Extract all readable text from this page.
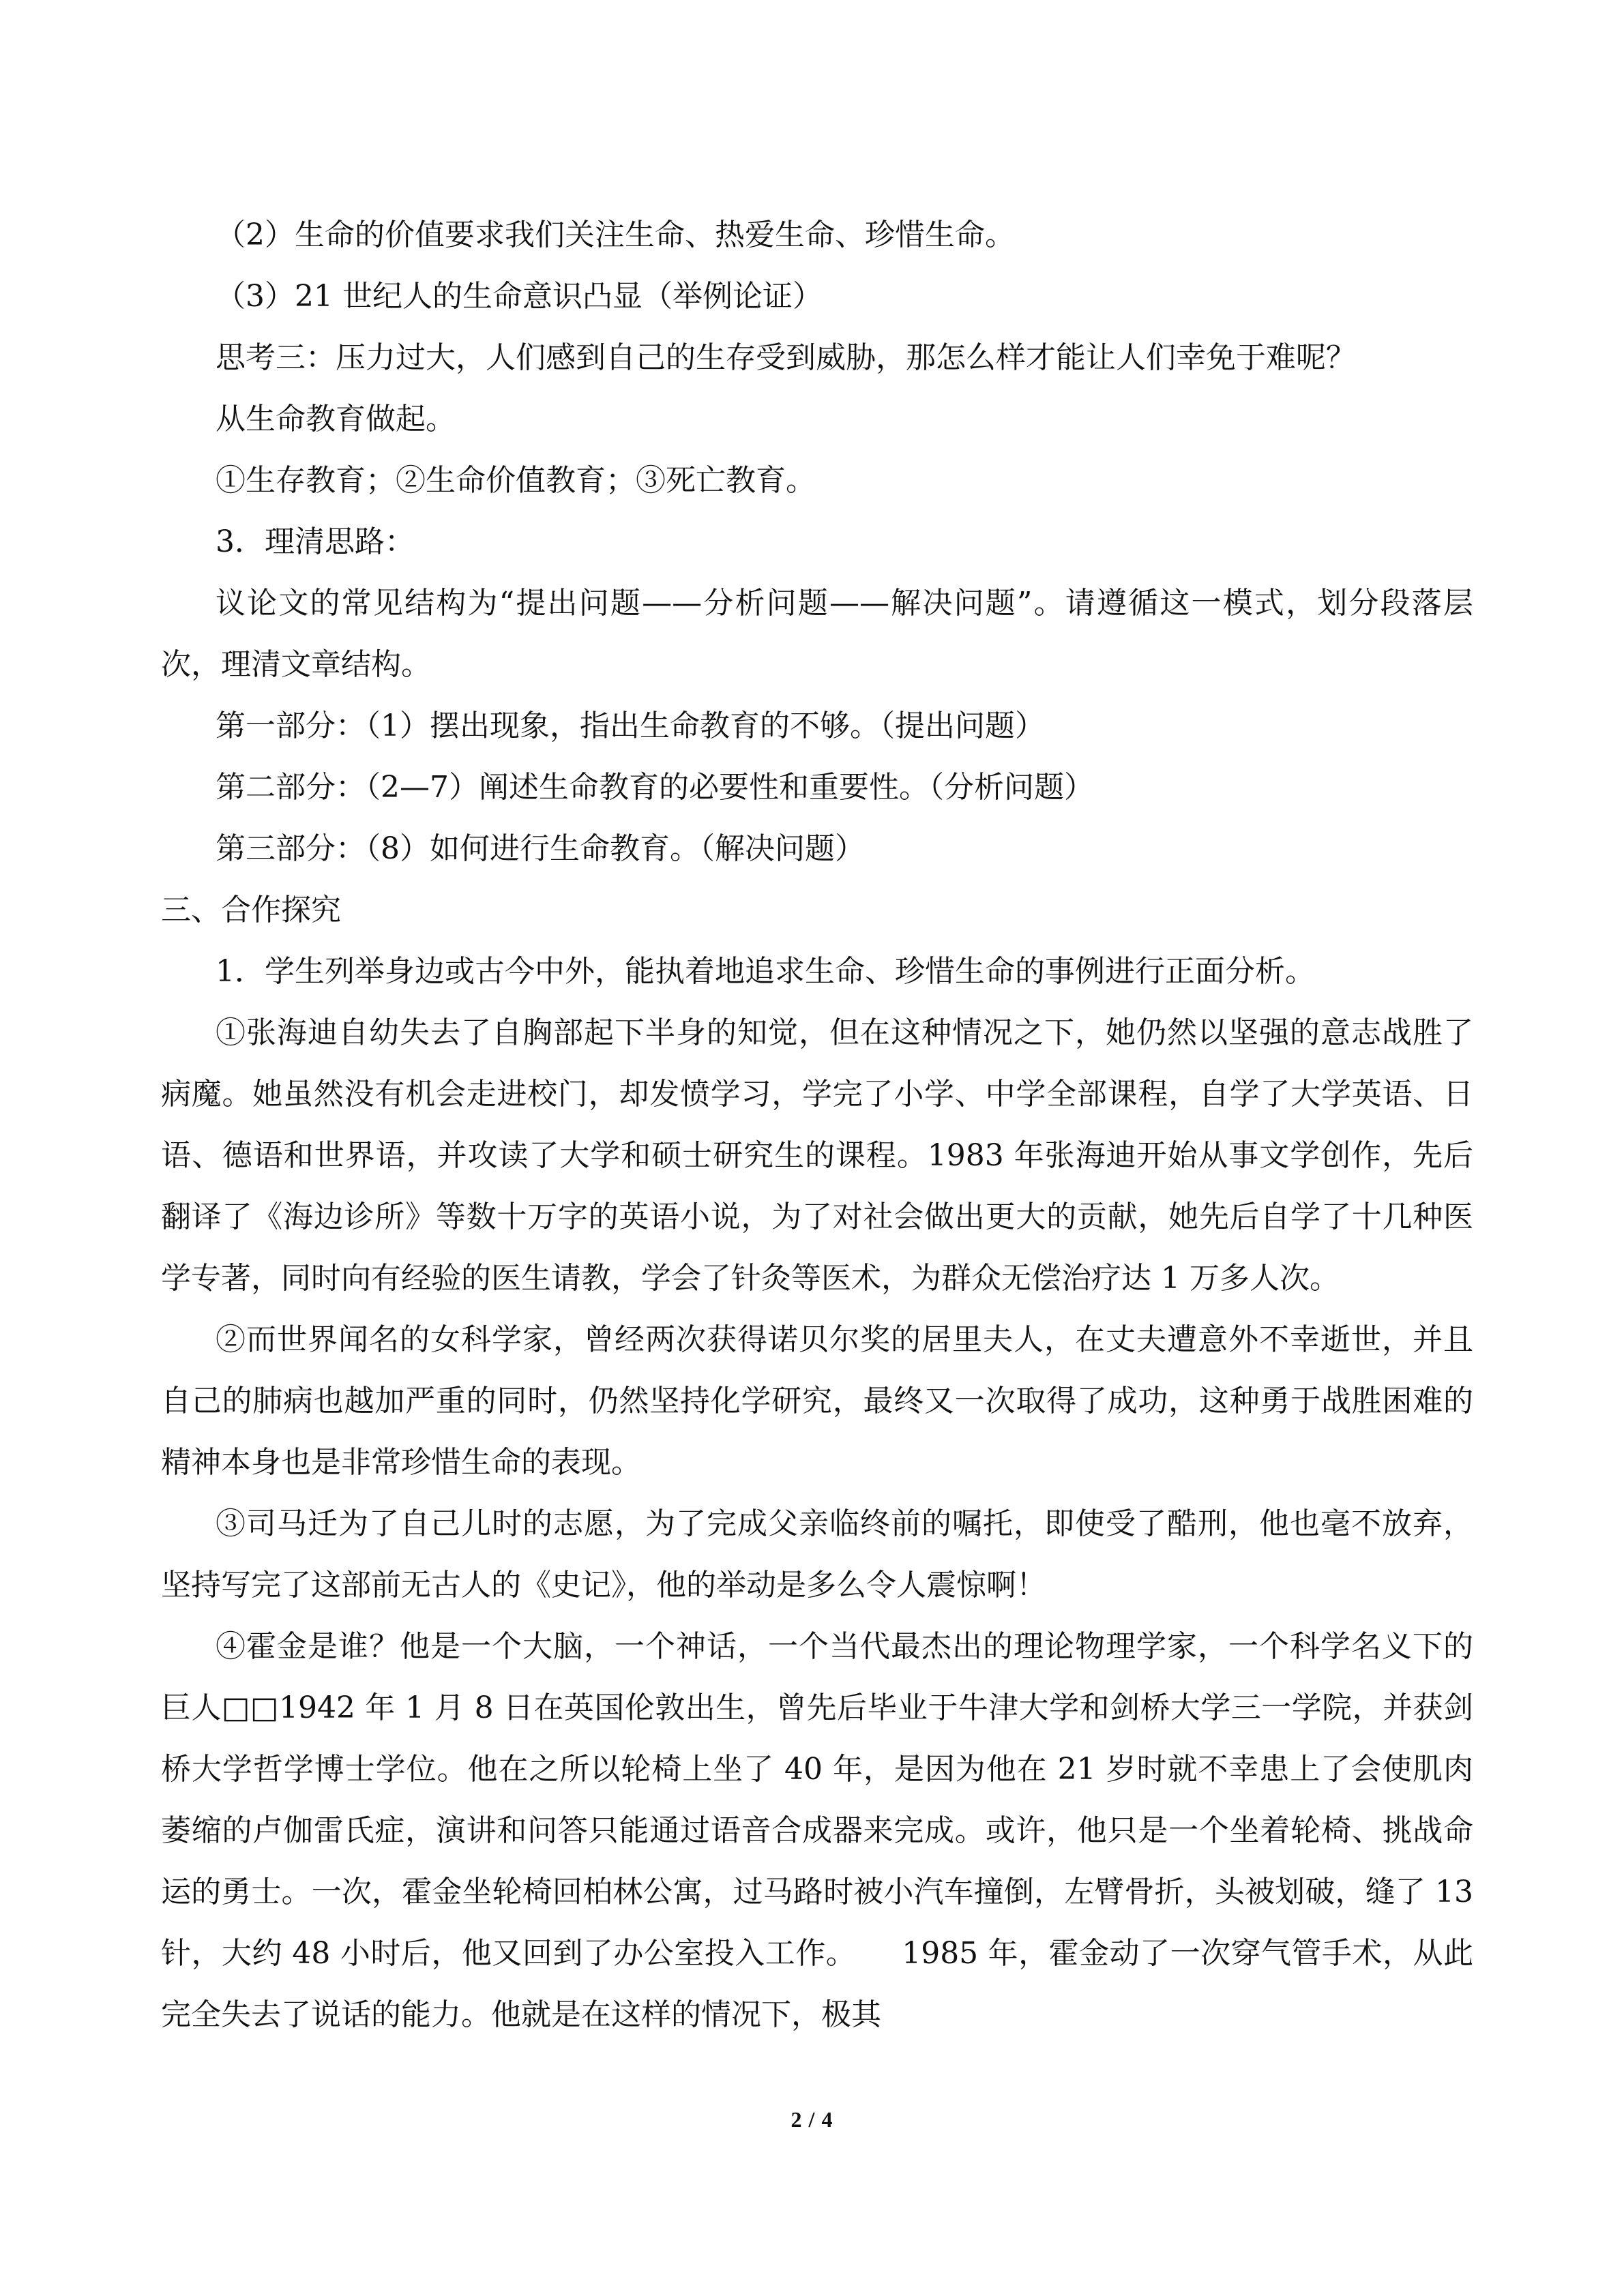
（2）生命的价值要求我们关注生命、热爱生命、珍惜生命。
（3）21 世纪人的生命意识凸显（举例论证）
思考三：压力过大，人们感到自己的生存受到威胁，那怎么样才能让人们幸免于难呢？
从生命教育做起。
①生存教育；②生命价值教育；③死亡教育。
3．理清思路：

议论文的常见结构为“提出问题——分析问题——解决问题”。请遵循这一模式，划分段落层次，理清文章结构。

第一部分：（1）摆出现象，指出生命教育的不够。（提出问题）
第二部分：（2—7）阐述生命教育的必要性和重要性。（分析问题）
第三部分：（8）如何进行生命教育。（解决问题）
三、合作探究
1．学生列举身边或古今中外，能执着地追求生命、珍惜生命的事例进行正面分析。

①张海迪自幼失去了自胸部起下半身的知觉，但在这种情况之下，她仍然以坚强的意志战胜了病魔。她虽然没有机会走进校门，却发愤学习，学完了小学、中学全部课程，自学了大学英语、日语、德语和世界语，并攻读了大学和硕士研究生的课程。1983 年张海迪开始从事文学创作，先后翻译了《海边诊所》等数十万字的英语小说，为了对社会做出更大的贡献，她先后自学了十几种医学专著，同时向有经验的医生请教，学会了针灸等医术，为群众无偿治疗达 1 万多人次。

②而世界闻名的女科学家，曾经两次获得诺贝尔奖的居里夫人，在丈夫遭意外不幸逝世，并且自己的肺病也越加严重的同时，仍然坚持化学研究，最终又一次取得了成功，这种勇于战胜困难的精神本身也是非常珍惜生命的表现。

③司马迁为了自己儿时的志愿，为了完成父亲临终前的嘱托，即使受了酷刑，他也毫不放弃，坚持写完了这部前无古人的《史记》，他的举动是多么令人震惊啊！

④霍金是谁？他是一个大脑，一个神话，一个当代最杰出的理论物理学家，一个科学名义下的巨人□□1942 年 1 月 8 日在英国伦敦出生，曾先后毕业于牛津大学和剑桥大学三一学院，并获剑桥大学哲学博士学位。他在之所以轮椅上坐了 40 年，是因为他在 21 岁时就不幸患上了会使肌肉萎缩的卢伽雷氏症，演讲和问答只能通过语音合成器来完成。或许，他只是一个坐着轮椅、挑战命运的勇士。一次，霍金坐轮椅回柏林公寓，过马路时被小汽车撞倒，左臂骨折，头被划破，缝了 13 针，大约 48 小时后，他又回到了办公室投入工作。　　1985 年，霍金动了一次穿气管手术，从此完全失去了说话的能力。他就是在这样的情况下，极其

2 / 4
